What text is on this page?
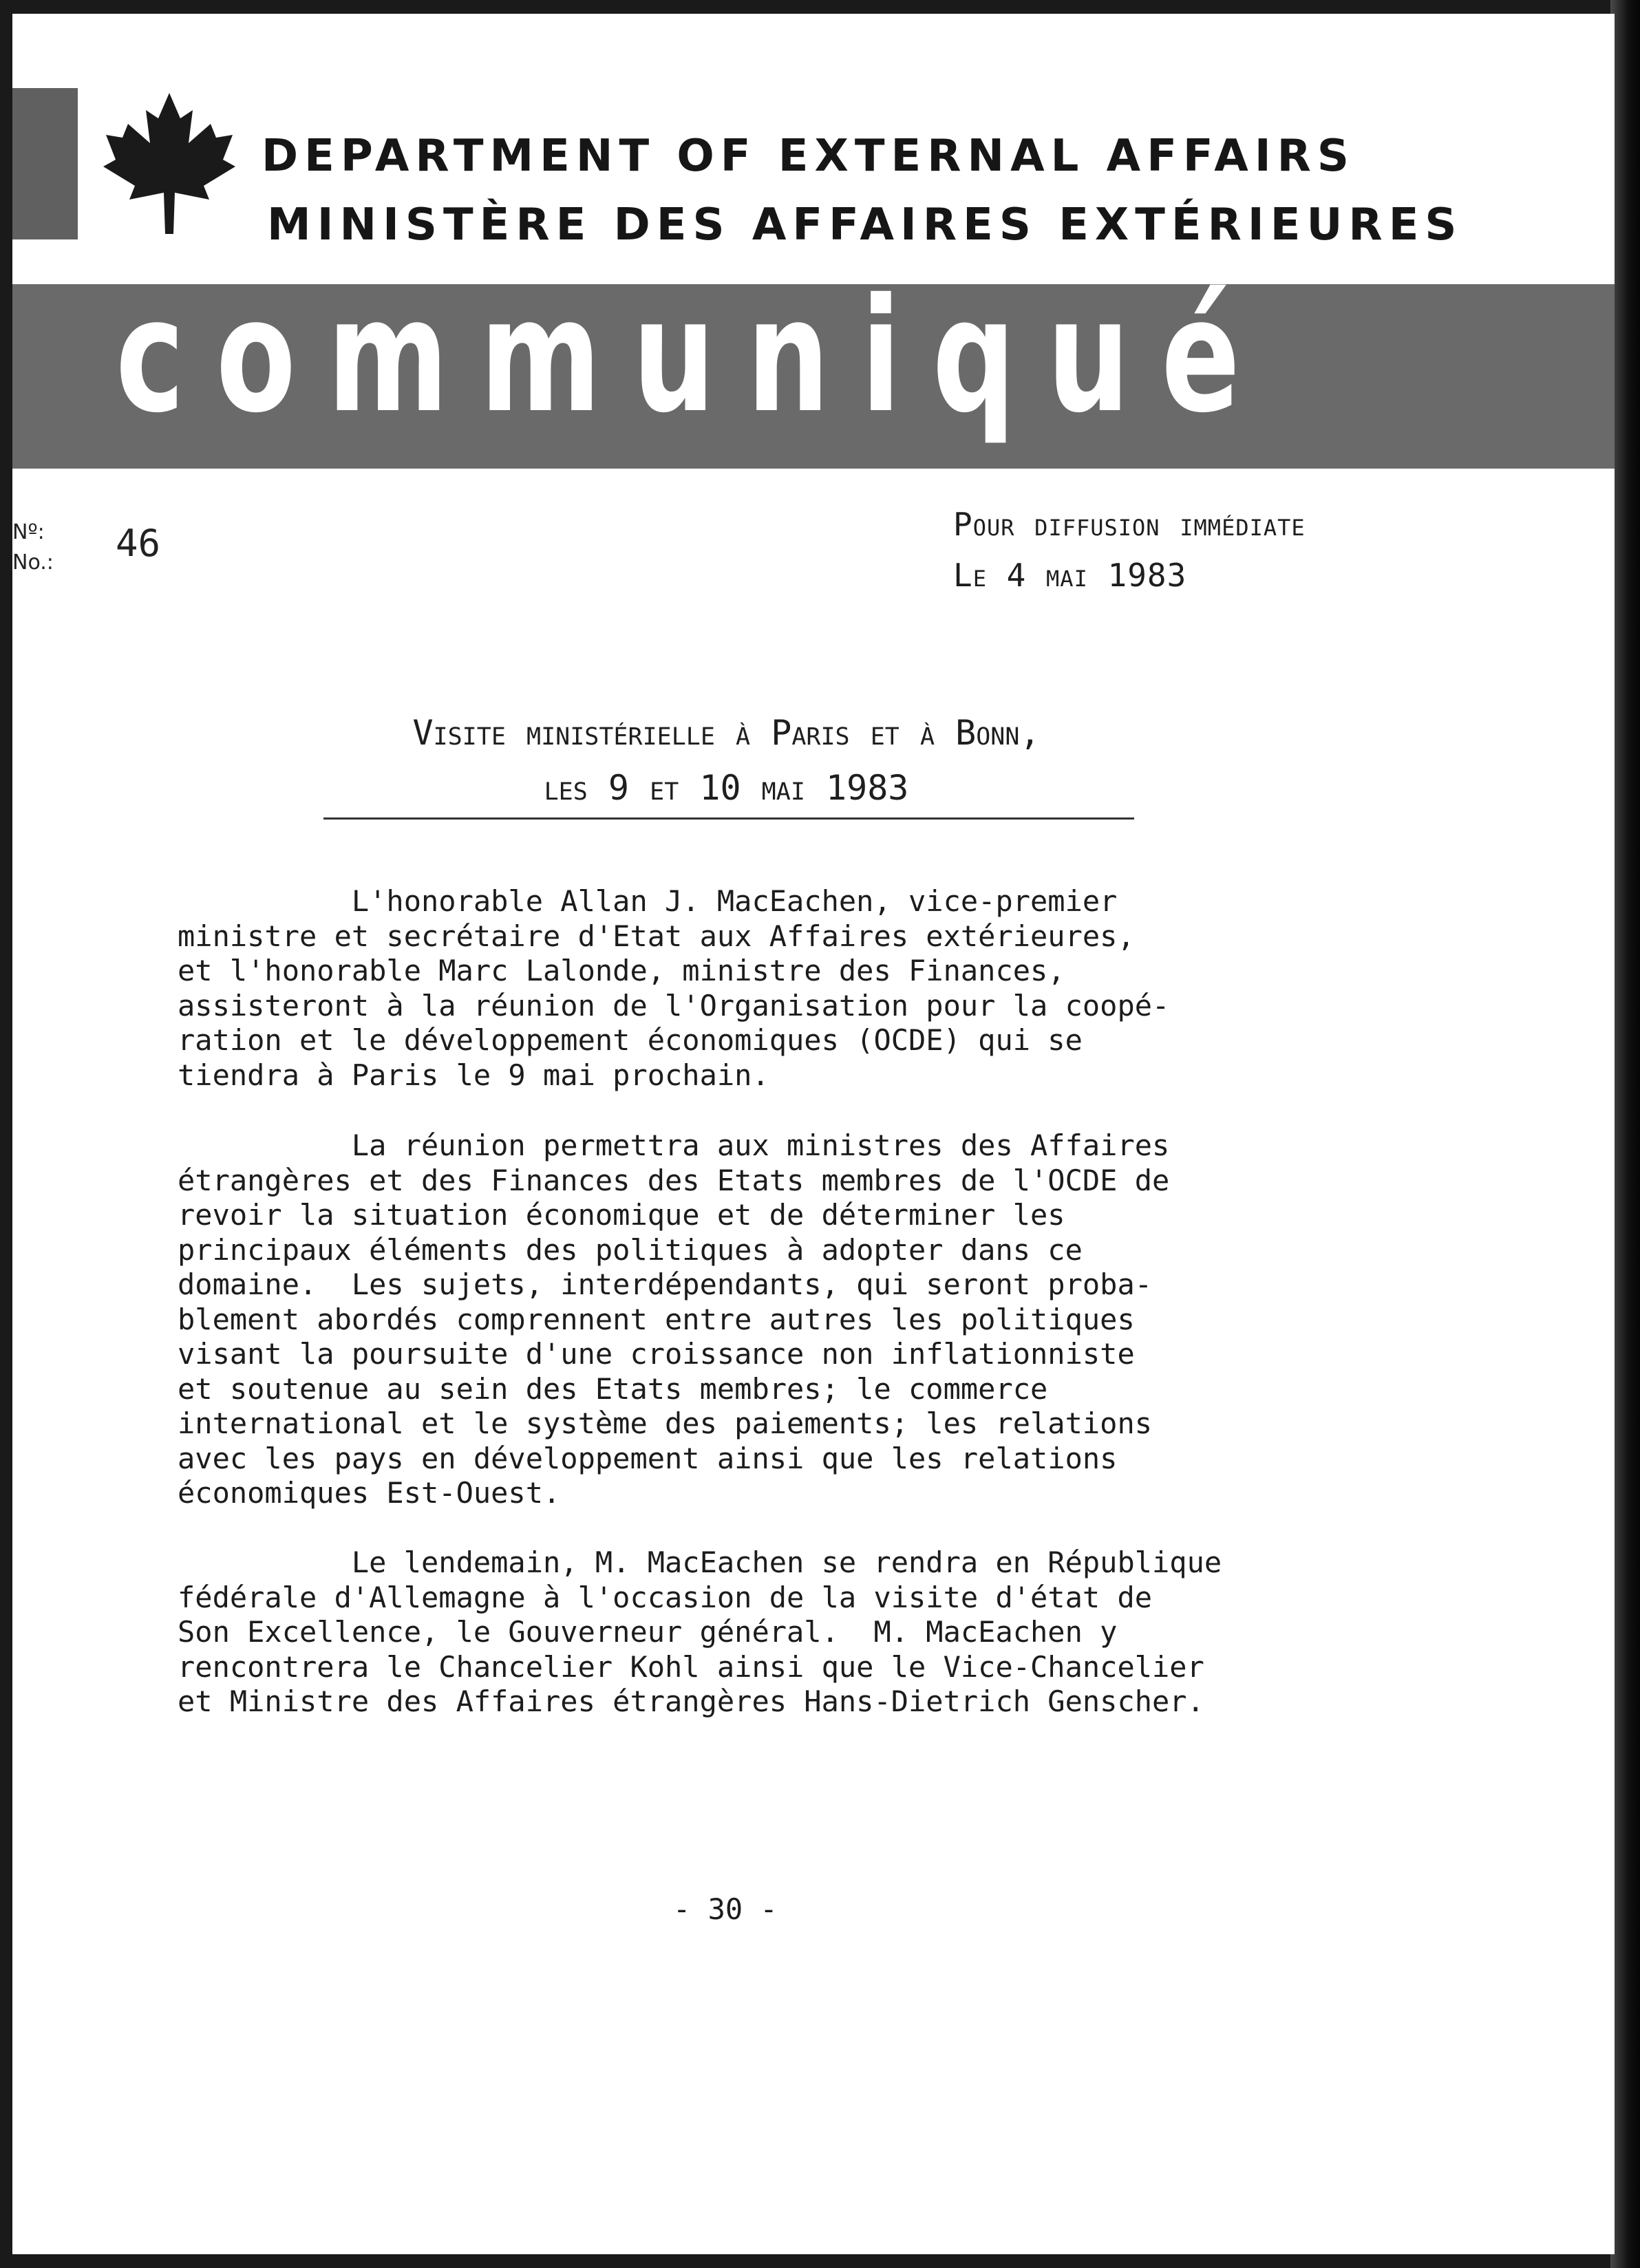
DEPARTMENT OF EXTERNAL AFFAIRS
MINISTÈRE DES AFFAIRES EXTÉRIEURES
communiqué
Nº:
No.: 46	Pour diffusion immédiate
Le 4 mai 1983
Visite ministérielle à Paris et à Bonn,
les 9 et 10 mai 1983
L'honorable Allan J. MacEachen, vice-premier
ministre et secrétaire d'Etat aux Affaires extérieures,
et l'honorable Marc Lalonde, ministre des Finances,
assisteront à la réunion de l'Organisation pour la coopé-
ration et le développement économiques (OCDE) qui se
tiendra à Paris le 9 mai prochain.
La réunion permettra aux ministres des Affaires
étrangères et des Finances des Etats membres de l'OCDE de
revoir la situation économique et de déterminer les
principaux éléments des politiques à adopter dans ce
domaine.  Les sujets, interdépendants, qui seront proba-
blement abordés comprennent entre autres les politiques
visant la poursuite d'une croissance non inflationniste
et soutenue au sein des Etats membres; le commerce
international et le système des paiements; les relations
avec les pays en développement ainsi que les relations
économiques Est-Ouest.
Le lendemain, M. MacEachen se rendra en République
fédérale d'Allemagne à l'occasion de la visite d'état de
Son Excellence, le Gouverneur général.  M. MacEachen y
rencontrera le Chancelier Kohl ainsi que le Vice-Chancelier
et Ministre des Affaires étrangères Hans-Dietrich Genscher.
- 30 -
